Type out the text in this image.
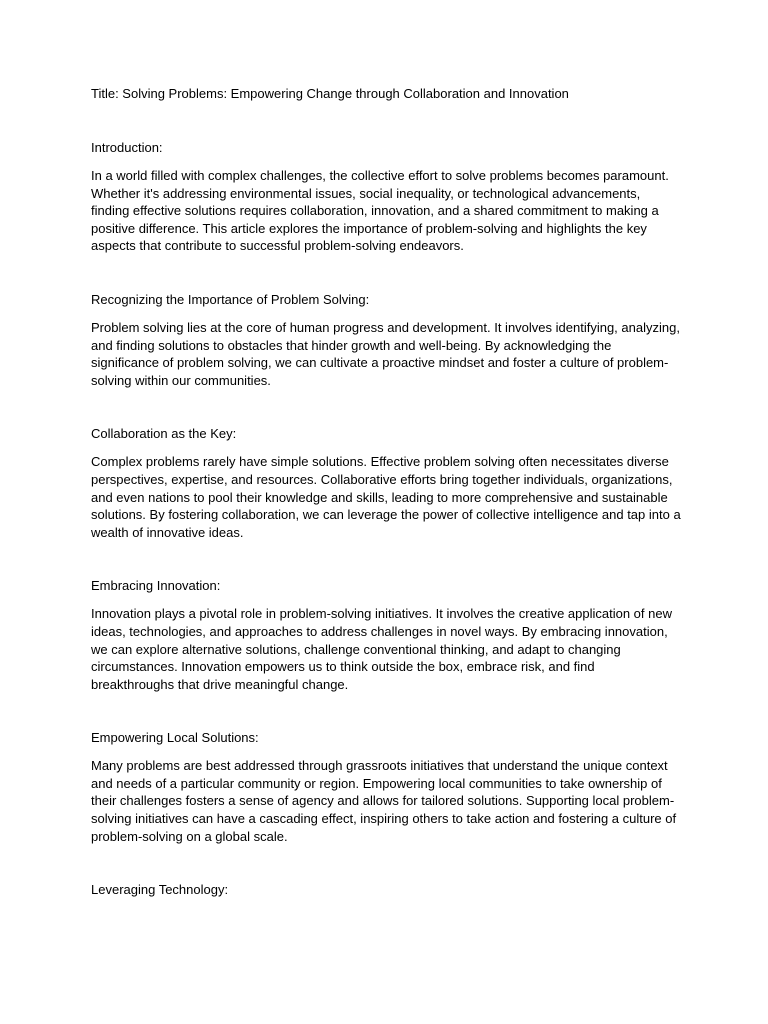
Title: Solving Problems: Empowering Change through Collaboration and Innovation

Introduction:

In a world filled with complex challenges, the collective effort to solve problems becomes paramount. Whether it's addressing environmental issues, social inequality, or technological advancements, finding effective solutions requires collaboration, innovation, and a shared commitment to making a positive difference. This article explores the importance of problem-solving and highlights the key aspects that contribute to successful problem-solving endeavors.

Recognizing the Importance of Problem Solving:

Problem solving lies at the core of human progress and development. It involves identifying, analyzing, and finding solutions to obstacles that hinder growth and well-being. By acknowledging the significance of problem solving, we can cultivate a proactive mindset and foster a culture of problem-solving within our communities.

Collaboration as the Key:

Complex problems rarely have simple solutions. Effective problem solving often necessitates diverse perspectives, expertise, and resources. Collaborative efforts bring together individuals, organizations, and even nations to pool their knowledge and skills, leading to more comprehensive and sustainable solutions. By fostering collaboration, we can leverage the power of collective intelligence and tap into a wealth of innovative ideas.

Embracing Innovation:

Innovation plays a pivotal role in problem-solving initiatives. It involves the creative application of new ideas, technologies, and approaches to address challenges in novel ways. By embracing innovation, we can explore alternative solutions, challenge conventional thinking, and adapt to changing circumstances. Innovation empowers us to think outside the box, embrace risk, and find breakthroughs that drive meaningful change.

Empowering Local Solutions:

Many problems are best addressed through grassroots initiatives that understand the unique context and needs of a particular community or region. Empowering local communities to take ownership of their challenges fosters a sense of agency and allows for tailored solutions. Supporting local problem-solving initiatives can have a cascading effect, inspiring others to take action and fostering a culture of problem-solving on a global scale.

Leveraging Technology:
